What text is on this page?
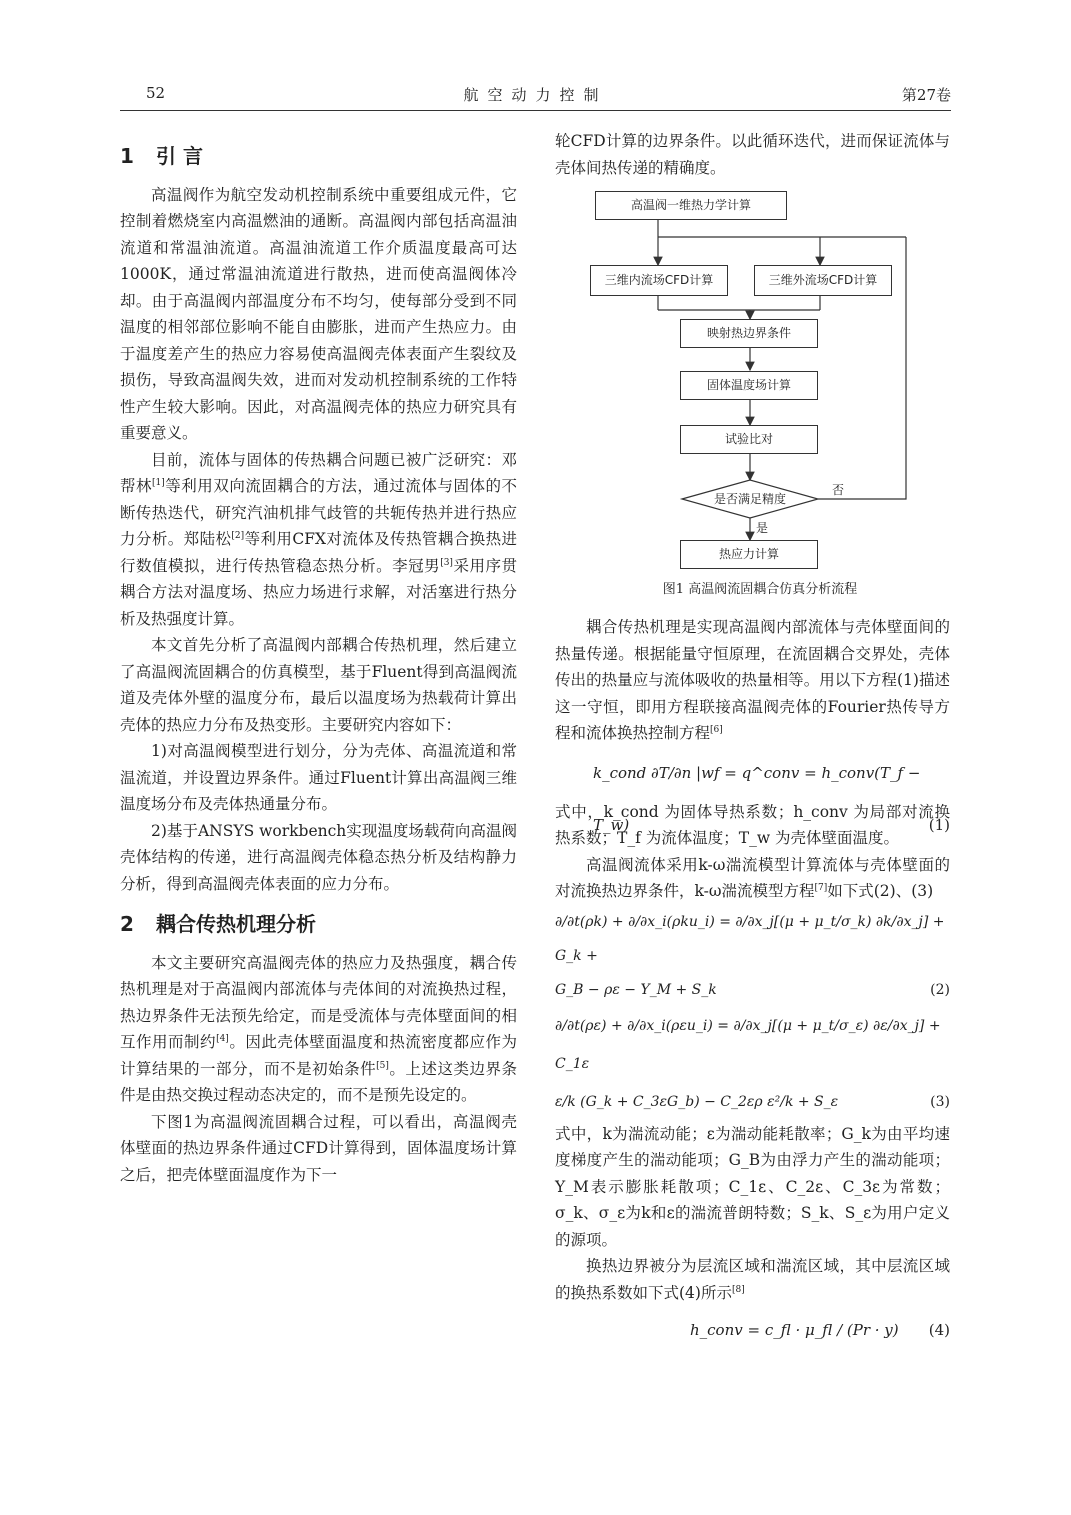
52	航空动力控制	第27卷
1 引 言

高温阀作为航空发动机控制系统中重要组成元件，它控制着燃烧室内高温燃油的通断。高温阀内部包括高温油流道和常温油流道。高温油流道工作介质温度最高可达1000K，通过常温油流道进行散热，进而使高温阀体冷却。由于高温阀内部温度分布不均匀，使每部分受到不同温度的相邻部位影响不能自由膨胀，进而产生热应力。由于温度差产生的热应力容易使高温阀壳体表面产生裂纹及损伤，导致高温阀失效，进而对发动机控制系统的工作特性产生较大影响。因此，对高温阀壳体的热应力研究具有重要意义。

目前，流体与固体的传热耦合问题已被广泛研究：邓帮林[1]等利用双向流固耦合的方法，通过流体与固体的不断传热迭代，研究汽油机排气歧管的共轭传热并进行热应力分析。郑陆松[2]等利用CFX对流体及传热管耦合换热进行数值模拟，进行传热管稳态热分析。李冠男[3]采用序贯耦合方法对温度场、热应力场进行求解，对活塞进行热分析及热强度计算。

本文首先分析了高温阀内部耦合传热机理，然后建立了高温阀流固耦合的仿真模型，基于Fluent得到高温阀流道及壳体外壁的温度分布，最后以温度场为热载荷计算出壳体的热应力分布及热变形。主要研究内容如下：

1)对高温阀模型进行划分，分为壳体、高温流道和常温流道，并设置边界条件。通过Fluent计算出高温阀三维温度场分布及壳体热通量分布。

2)基于ANSYS workbench实现温度场载荷向高温阀壳体结构的传递，进行高温阀壳体稳态热分析及结构静力分析，得到高温阀壳体表面的应力分布。

2 耦合传热机理分析

本文主要研究高温阀壳体的热应力及热强度，耦合传热机理是对于高温阀内部流体与壳体间的对流换热过程，热边界条件无法预先给定，而是受流体与壳体壁面间的相互作用而制约[4]。因此壳体壁面温度和热流密度都应作为计算结果的一部分，而不是初始条件[5]。上述这类边界条件是由热交换过程动态决定的，而不是预先设定的。

下图1为高温阀流固耦合过程，可以看出，高温阀壳体壁面的热边界条件通过CFD计算得到，固体温度场计算之后，把壳体壁面温度作为下一

轮CFD计算的边界条件。以此循环迭代，进而保证流体与壳体间热传递的精确度。

高温阀一维热力学计算
三维内流场CFD计算	三维外流场CFD计算
映射热边界条件
固体温度场计算
试验比对
是否满足精度
否
是
热应力计算
图1 高温阀流固耦合仿真分析流程

耦合传热机理是实现高温阀内部流体与壳体壁面间的热量传递。根据能量守恒原理，在流固耦合交界处，壳体传出的热量应与流体吸收的热量相等。用以下方程(1)描述这一守恒，即用方程联接高温阀壳体的Fourier热传导方程和流体换热控制方程[6]

k_cond ∂T/∂n |wf = q^conv = h_conv(T_f − T_w)	(1)

式中，k_cond 为固体导热系数；h_conv 为局部对流换热系数；T_f 为流体温度；T_w 为壳体壁面温度。

高温阀流体采用k-ω湍流模型计算流体与壳体壁面的对流换热边界条件，k-ω湍流模型方程[7]如下式(2)、(3)

∂/∂t(ρk) + ∂/∂x_i(ρku_i) = ∂/∂x_j[(μ + μ_t/σ_k) ∂k/∂x_j] + G_k +
G_B − ρε − Y_M + S_k	(2)
∂/∂t(ρε) + ∂/∂x_i(ρεu_i) = ∂/∂x_j[(μ + μ_t/σ_ε) ∂ε/∂x_j] + C_1ε
ε/k (G_k + C_3εG_b) − C_2ερ ε²/k + S_ε	(3)

式中，k为湍流动能；ε为湍动能耗散率；G_k为由平均速度梯度产生的湍动能项；G_B为由浮力产生的湍动能项；Y_M表示膨胀耗散项；C_1ε、C_2ε、C_3ε为常数；σ_k、σ_ε为k和ε的湍流普朗特数；S_k、S_ε为用户定义的源项。

换热边界被分为层流区域和湍流区域，其中层流区域的换热系数如下式(4)所示[8]

h_conv = c_fl · μ_fl / (Pr · y) (4)
